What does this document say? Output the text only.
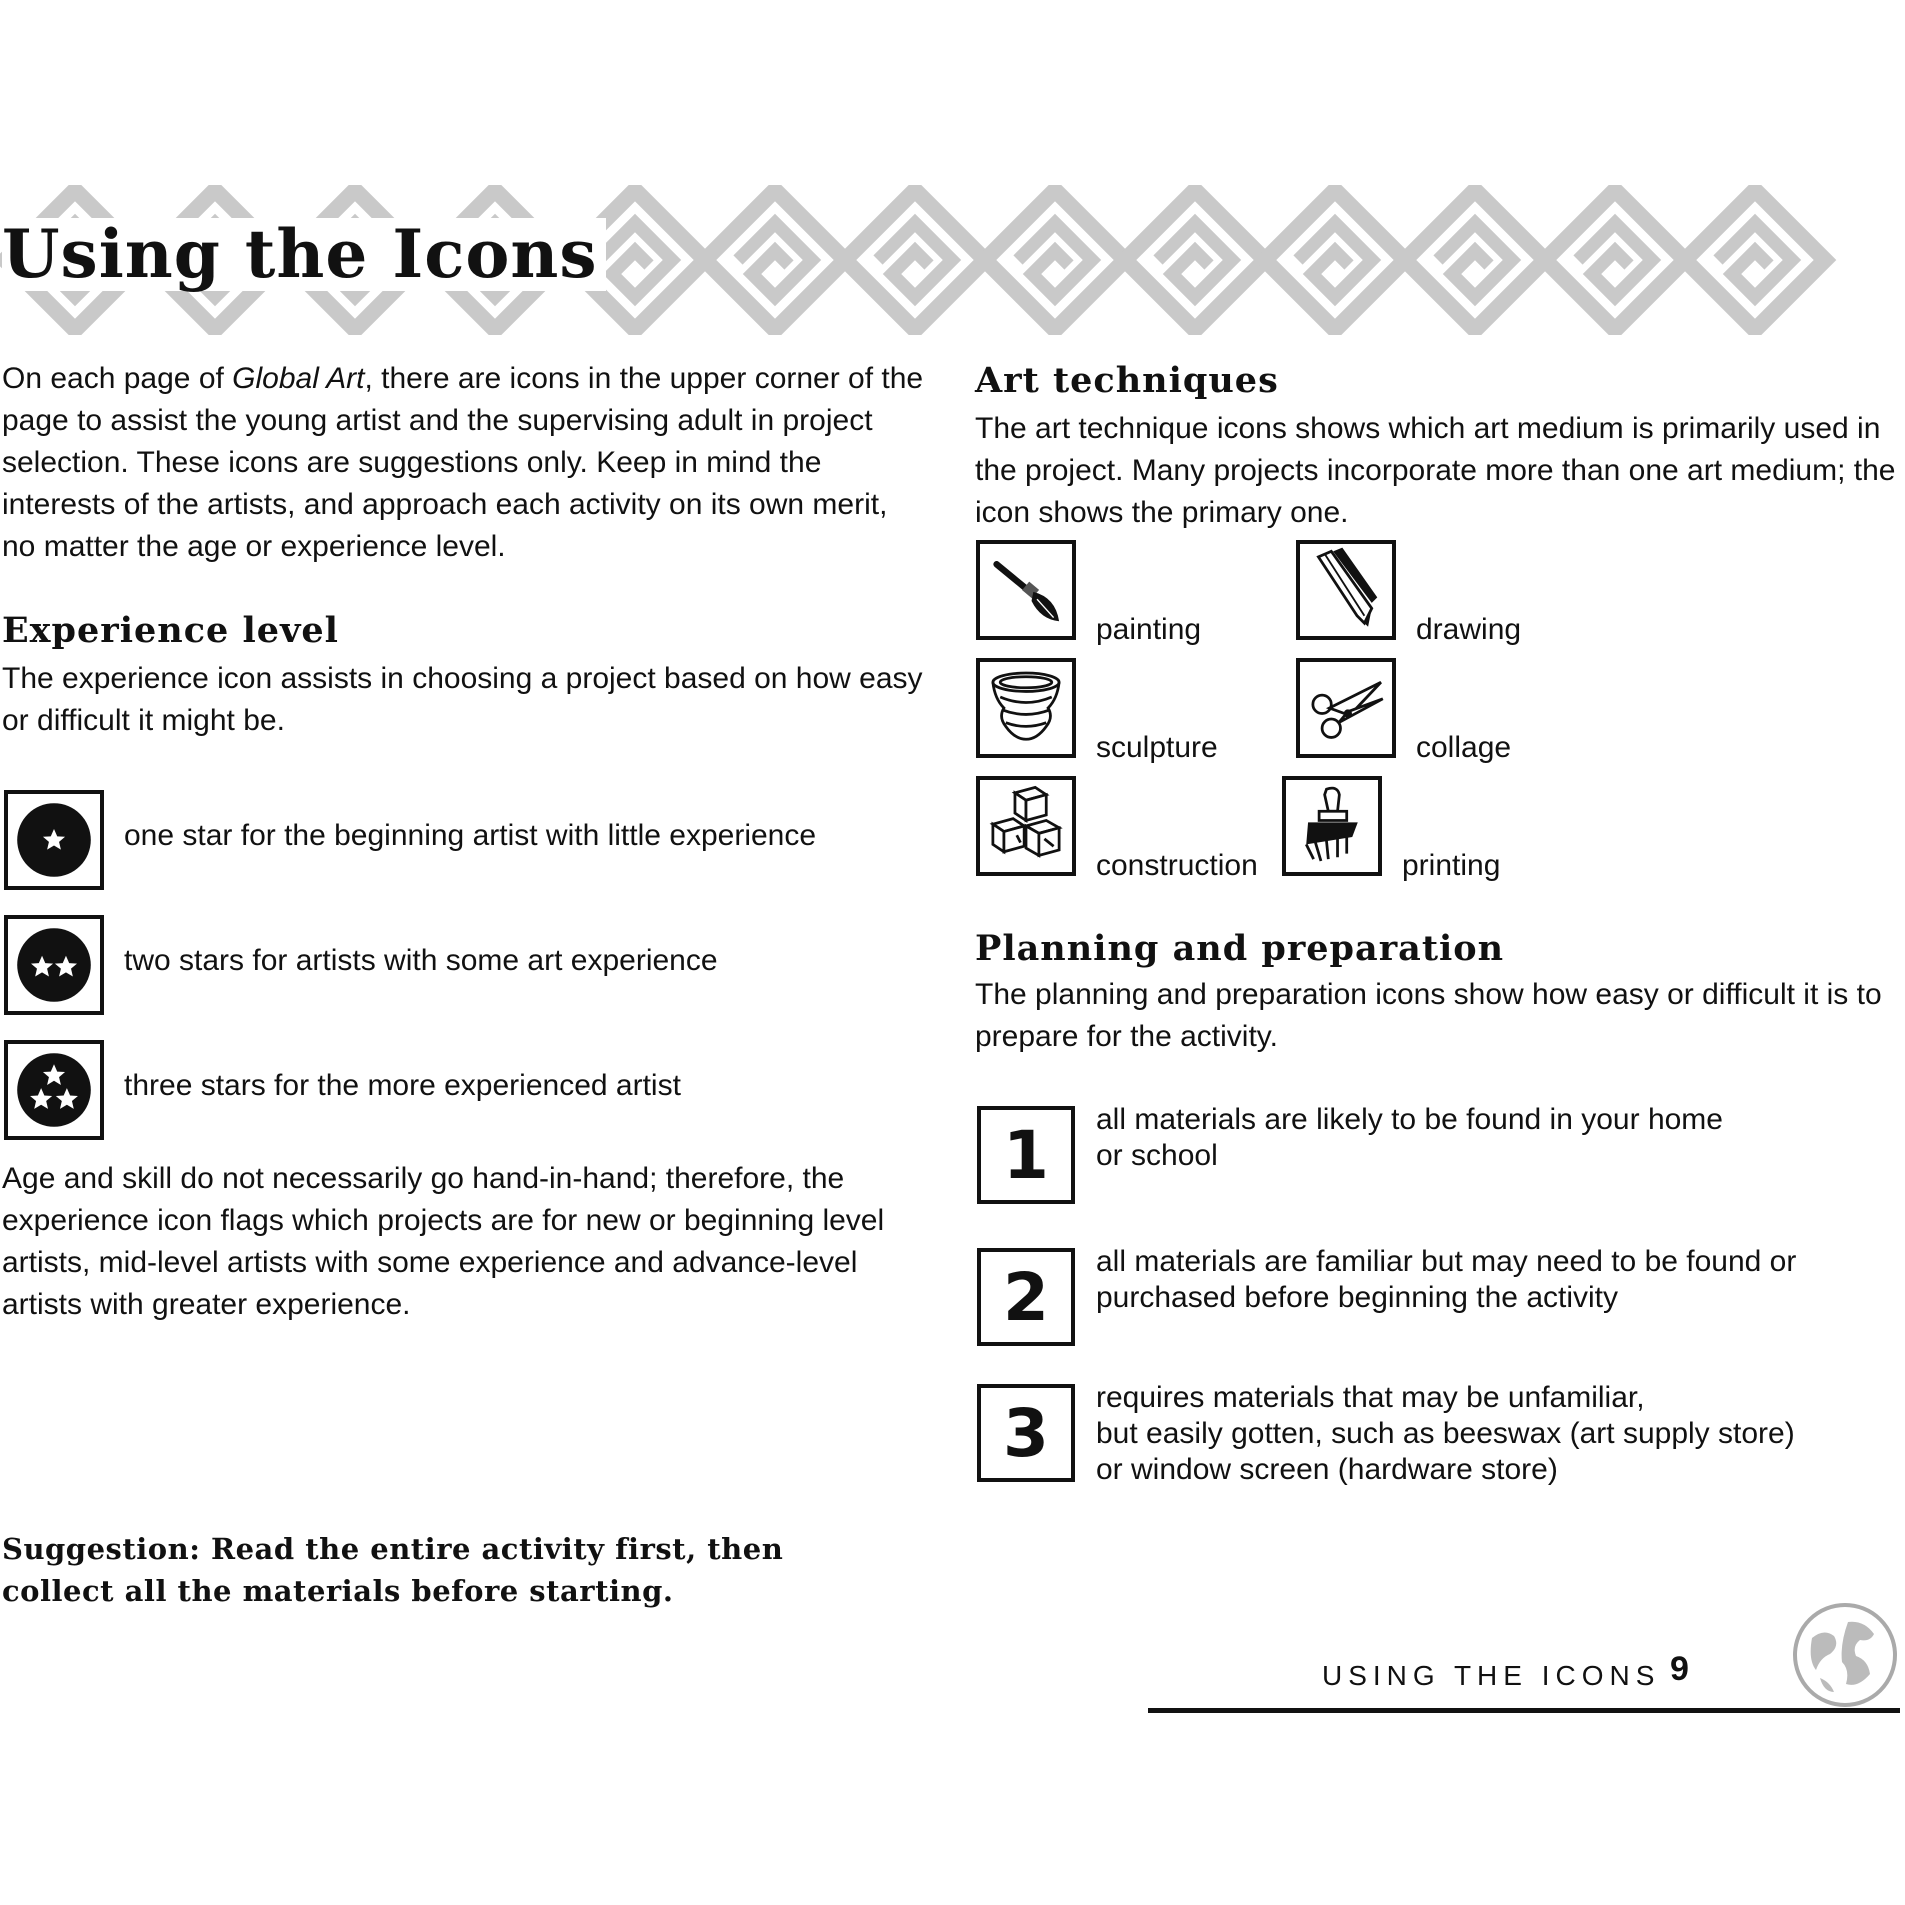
Using the Icons

On each page of Global Art, there are icons in the upper corner of the page to assist the young artist and the supervising adult in project selection. These icons are suggestions only. Keep in mind the interests of the artists, and approach each activity on its own merit, no matter the age or experience level.

Experience level

The experience icon assists in choosing a project based on how easy or difficult it might be.

one star for the beginning artist with little experience
two stars for artists with some art experience
three stars for the more experienced artist

Age and skill do not necessarily go hand-in-hand; therefore, the experience icon flags which projects are for new or beginning level artists, mid-level artists with some experience and advance-level artists with greater experience.

Suggestion: Read the entire activity first, then collect all the materials before starting.
Art techniques

The art technique icons shows which art medium is primarily used in the project. Many projects incorporate more than one art medium; the icon shows the primary one.

painting	drawing
sculpture	collage
construction	printing
Planning and preparation

The planning and preparation icons show how easy or difficult it is to prepare for the activity.

1	all materials are likely to be found in your home
or school
2	all materials are familiar but may need to be found or
purchased before beginning the activity
3	requires materials that may be unfamiliar,
but easily gotten, such as beeswax (art supply store)
or window screen (hardware store)
USING THE ICONS 9
